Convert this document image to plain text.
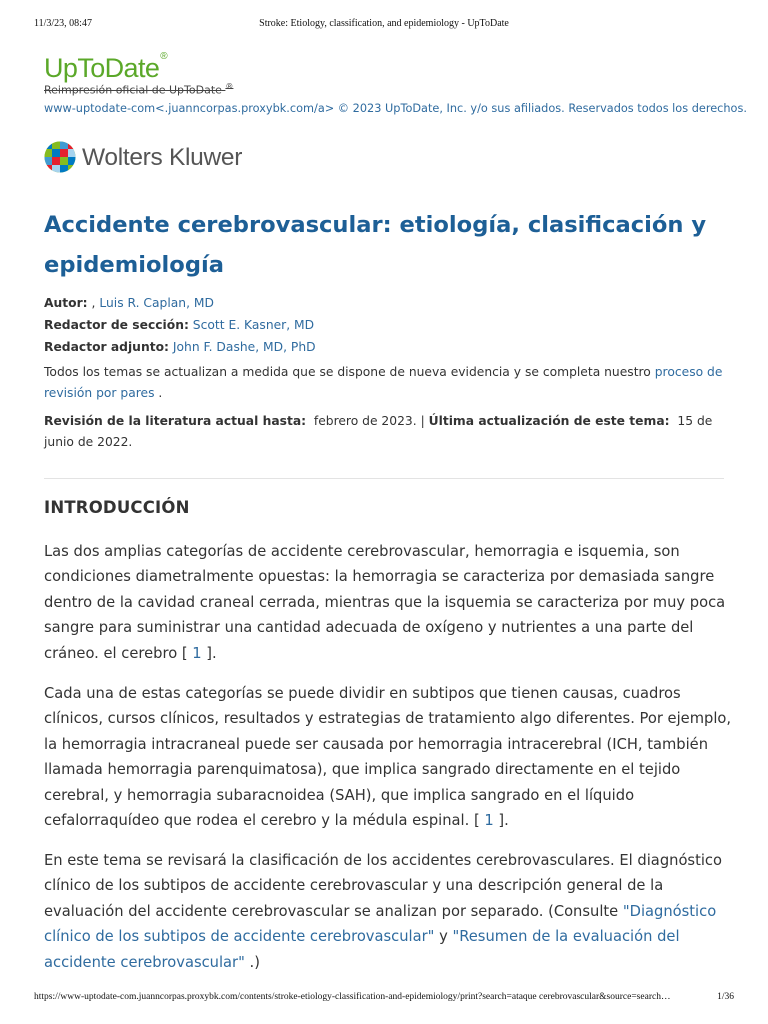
11/3/23, 08:47	Stroke: Etiology, classification, and epidemiology - UpToDate
UpToDate®
Reimpresión oficial de UpToDate ®
www-uptodate-com<.juanncorpas.proxybk.com/a> © 2023 UpToDate, Inc. y/o sus afiliados. Reservados todos los derechos.
Wolters Kluwer
Accidente cerebrovascular: etiología, clasificación y epidemiología
Autor: , Luis R. Caplan, MD
Redactor de sección: Scott E. Kasner, MD
Redactor adjunto: John F. Dashe, MD, PhD
Todos los temas se actualizan a medida que se dispone de nueva evidencia y se completa nuestro proceso de revisión por pares .
Revisión de la literatura actual hasta: febrero de 2023. | Última actualización de este tema: 15 de junio de 2022.
INTRODUCCIÓN

Las dos amplias categorías de accidente cerebrovascular, hemorragia e isquemia, son condiciones diametralmente opuestas: la hemorragia se caracteriza por demasiada sangre dentro de la cavidad craneal cerrada, mientras que la isquemia se caracteriza por muy poca sangre para suministrar una cantidad adecuada de oxígeno y nutrientes a una parte del cráneo. el cerebro [ 1 ].

Cada una de estas categorías se puede dividir en subtipos que tienen causas, cuadros clínicos, cursos clínicos, resultados y estrategias de tratamiento algo diferentes. Por ejemplo, la hemorragia intracraneal puede ser causada por hemorragia intracerebral (ICH, también llamada hemorragia parenquimatosa), que implica sangrado directamente en el tejido cerebral, y hemorragia subaracnoidea (SAH), que implica sangrado en el líquido cefalorraquídeo que rodea el cerebro y la médula espinal. [ 1 ].

En este tema se revisará la clasificación de los accidentes cerebrovasculares. El diagnóstico clínico de los subtipos de accidente cerebrovascular y una descripción general de la evaluación del accidente cerebrovascular se analizan por separado. (Consulte "Diagnóstico clínico de los subtipos de accidente cerebrovascular" y "Resumen de la evaluación del accidente cerebrovascular" .)

https://www-uptodate-com.juanncorpas.proxybk.com/contents/stroke-etiology-classification-and-epidemiology/print?search=ataque cerebrovascular&source=search…	1/36
